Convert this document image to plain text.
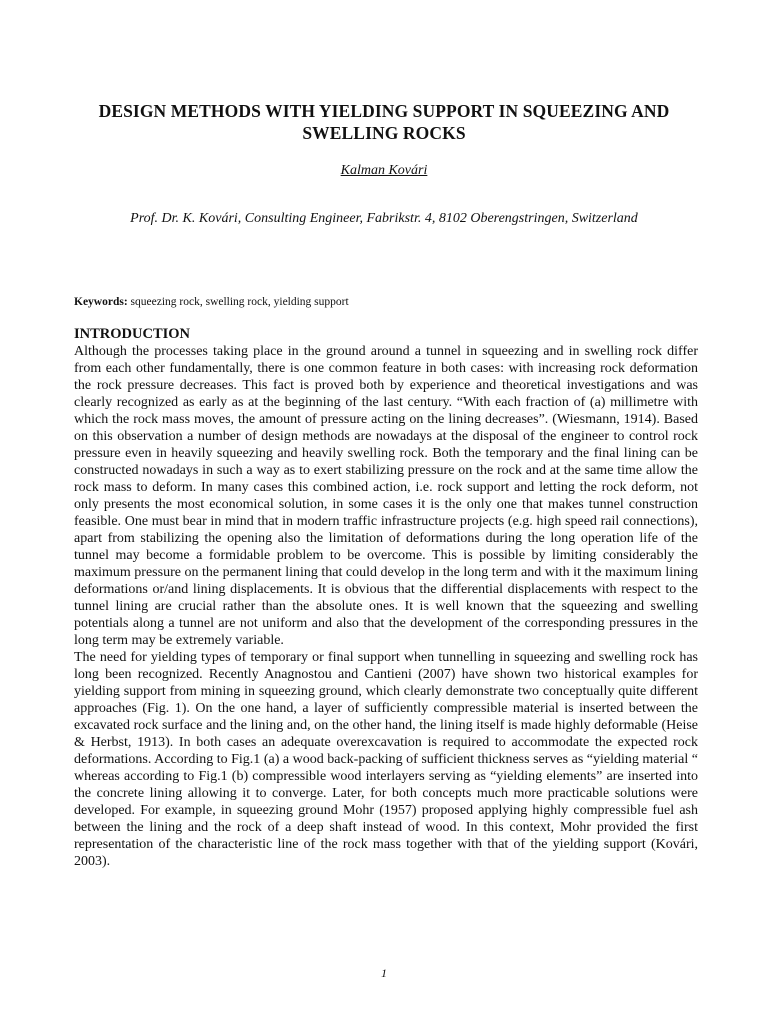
DESIGN METHODS WITH YIELDING SUPPORT IN SQUEEZING AND SWELLING ROCKS
Kalman Kovári
Prof. Dr. K. Kovári, Consulting Engineer, Fabrikstr. 4, 8102 Oberengstringen, Switzerland
Keywords: squeezing rock, swelling rock, yielding support

INTRODUCTION

Although the processes taking place in the ground around a tunnel in squeezing and in swelling rock differ from each other fundamentally, there is one common feature in both cases: with increasing rock deformation the rock pressure decreases. This fact is proved both by experience and theoretical investigations and was clearly recognized as early as at the beginning of the last century. “With each fraction of (a) millimetre with which the rock mass moves, the amount of pressure acting on the lining decreases”. (Wiesmann, 1914). Based on this observation a number of design methods are nowadays at the disposal of the engineer to control rock pressure even in heavily squeezing and heavily swelling rock. Both the temporary and the final lining can be constructed nowadays in such a way as to exert stabilizing pressure on the rock and at the same time allow the rock mass to deform. In many cases this combined action, i.e. rock support and letting the rock deform, not only presents the most economical solution, in some cases it is the only one that makes tunnel construction feasible. One must bear in mind that in modern traffic infrastructure projects (e.g. high speed rail connections), apart from stabilizing the opening also the limitation of deformations during the long operation life of the tunnel may become a formidable problem to be overcome. This is possible by limiting considerably the maximum pressure on the permanent lining that could develop in the long term and with it the maximum lining deformations or/and lining displacements. It is obvious that the differential displacements with respect to the tunnel lining are crucial rather than the absolute ones. It is well known that the squeezing and swelling potentials along a tunnel are not uniform and also that the development of the corresponding pressures in the long term may be extremely variable.

The need for yielding types of temporary or final support when tunnelling in squeezing and swelling rock has long been recognized. Recently Anagnostou and Cantieni (2007) have shown two historical examples for yielding support from mining in squeezing ground, which clearly demonstrate two conceptually quite different approaches (Fig. 1). On the one hand, a layer of sufficiently compressible material is inserted between the excavated rock surface and the lining and, on the other hand, the lining itself is made highly deformable (Heise & Herbst, 1913). In both cases an adequate overexcavation is required to accommodate the expected rock deformations. According to Fig.1 (a) a wood back-packing of sufficient thickness serves as “yielding material “ whereas according to Fig.1 (b) compressible wood interlayers serving as “yielding elements” are inserted into the concrete lining allowing it to converge. Later, for both concepts much more practicable solutions were developed. For example, in squeezing ground Mohr (1957) proposed applying highly compressible fuel ash between the lining and the rock of a deep shaft instead of wood. In this context, Mohr provided the first representation of the characteristic line of the rock mass together with that of the yielding support (Kovári, 2003).

1
